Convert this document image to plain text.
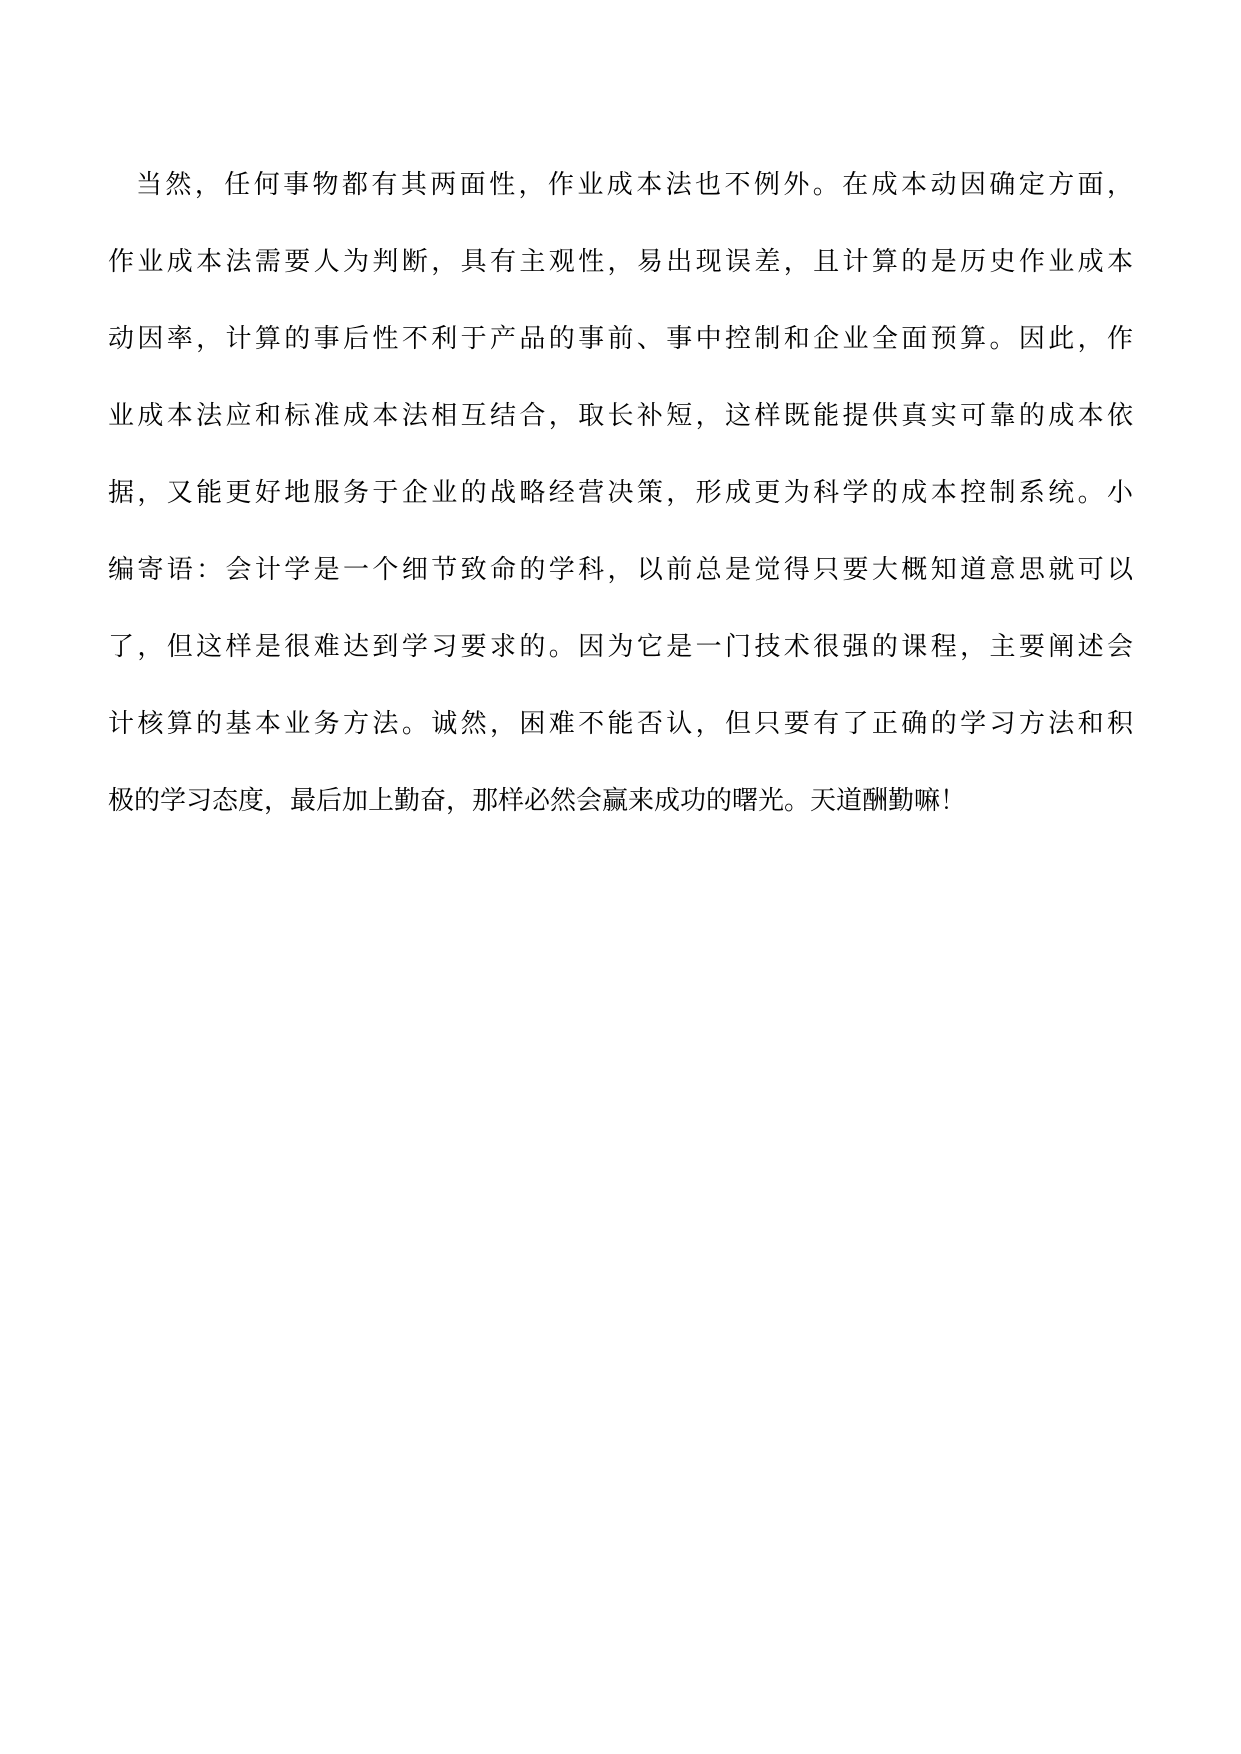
当然，任何事物都有其两面性，作业成本法也不例外。在成本动因确定方面，
作业成本法需要人为判断，具有主观性，易出现误差，且计算的是历史作业成本
动因率，计算的事后性不利于产品的事前、事中控制和企业全面预算。因此，作
业成本法应和标准成本法相互结合，取长补短，这样既能提供真实可靠的成本依
据，又能更好地服务于企业的战略经营决策，形成更为科学的成本控制系统。小
编寄语：会计学是一个细节致命的学科，以前总是觉得只要大概知道意思就可以
了，但这样是很难达到学习要求的。因为它是一门技术很强的课程，主要阐述会
计核算的基本业务方法。诚然，困难不能否认，但只要有了正确的学习方法和积
极的学习态度，最后加上勤奋，那样必然会赢来成功的曙光。天道酬勤嘛！
